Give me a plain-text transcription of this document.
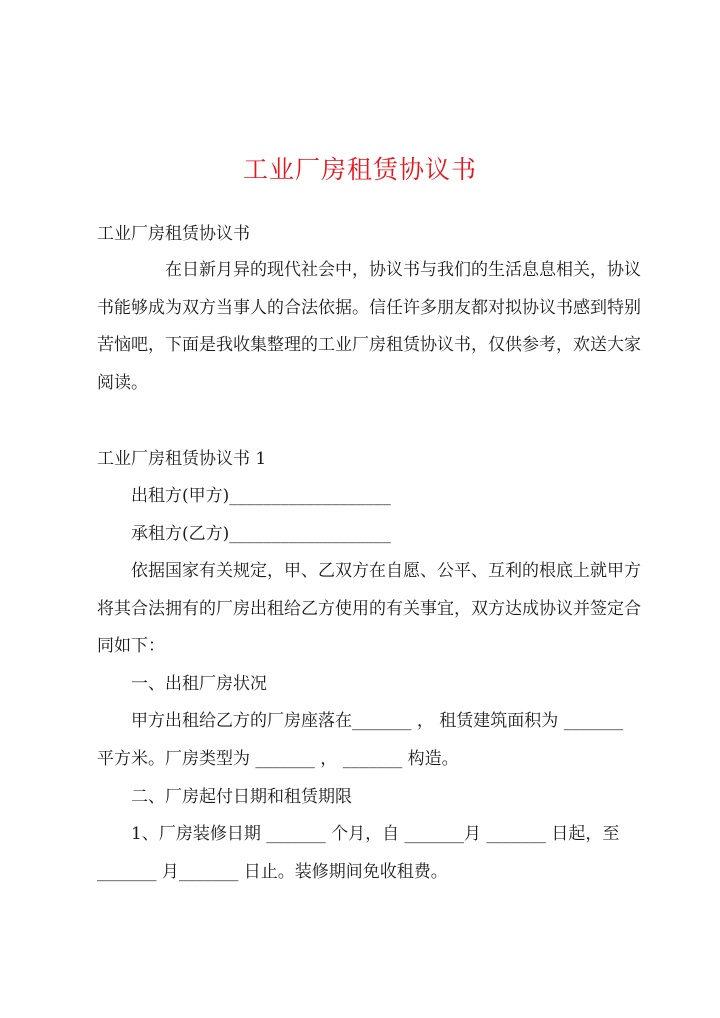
工业厂房租赁协议书
工业厂房租赁协议书
在日新月异的现代社会中，协议书与我们的生活息息相关，协议
书能够成为双方当事人的合法依据。信任许多朋友都对拟协议书感到特别
苦恼吧，下面是我收集整理的工业厂房租赁协议书，仅供参考，欢送大家
阅读。
工业厂房租赁协议书 1
出租方(甲方)___________________
承租方(乙方)___________________
依据国家有关规定，甲、乙双方在自愿、公平、互利的根底上就甲方
将其合法拥有的厂房出租给乙方使用的有关事宜，双方达成协议并签定合
同如下：
一、出租厂房状况
甲方出租给乙方的厂房座落在_______ ， 租赁建筑面积为 _______
平方米。厂房类型为 _______ ， _______ 构造。
二、厂房起付日期和租赁期限
1、厂房装修日期 _______ 个月，自 _______月 _______ 日起，至
_______ 月_______ 日止。装修期间免收租费。
